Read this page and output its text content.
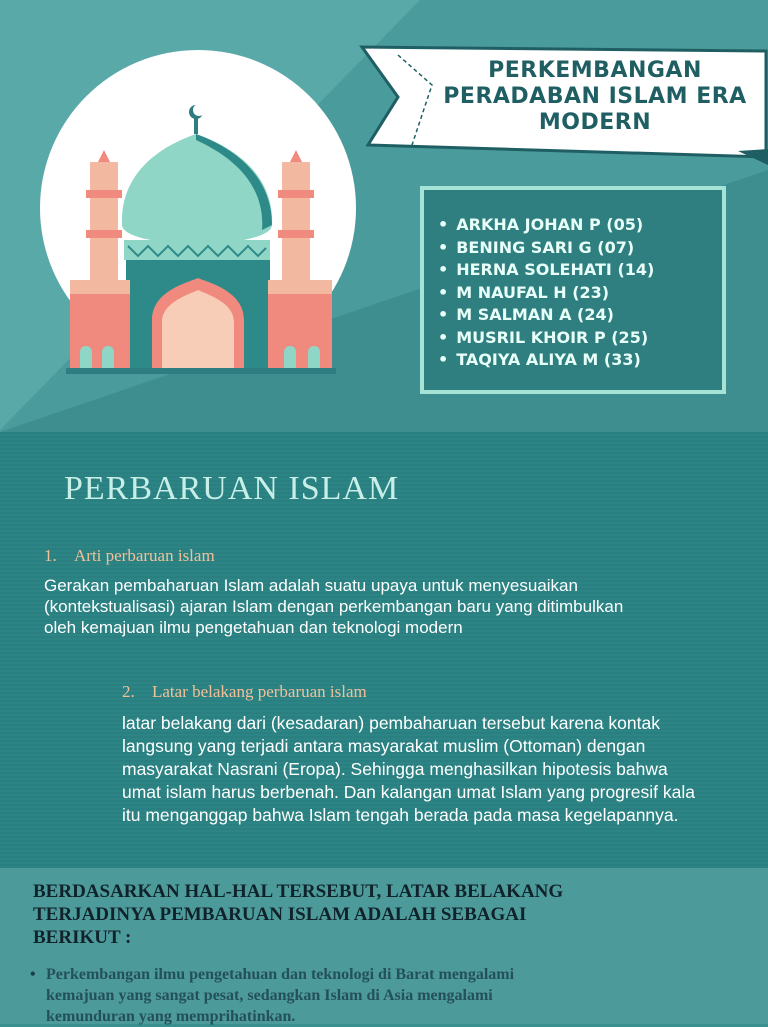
PERKEMBANGAN
PERADABAN ISLAM ERA
MODERN
• ARKHA JOHAN P (05)
• BENING SARI G (07)
• HERNA SOLEHATI (14)
• M NAUFAL H (23)
• M SALMAN A (24)
• MUSRIL KHOIR P (25)
• TAQIYA ALIYA M (33)
PERBARUAN ISLAM
1. Arti perbaruan islam
Gerakan pembaharuan Islam adalah suatu upaya untuk menyesuaikan
(kontekstualisasi) ajaran Islam dengan perkembangan baru yang ditimbulkan
oleh kemajuan ilmu pengetahuan dan teknologi modern
2. Latar belakang perbaruan islam
latar belakang dari (kesadaran) pembaharuan tersebut karena kontak
langsung yang terjadi antara masyarakat muslim (Ottoman) dengan
masyarakat Nasrani (Eropa). Sehingga menghasilkan hipotesis bahwa
umat islam harus berbenah. Dan kalangan umat Islam yang progresif kala
itu menganggap bahwa Islam tengah berada pada masa kegelapannya.
BERDASARKAN HAL-HAL TERSEBUT, LATAR BELAKANG
TERJADINYA PEMBARUAN ISLAM ADALAH SEBAGAI
BERIKUT :
• Perkembangan ilmu pengetahuan dan teknologi di Barat mengalami
kemajuan yang sangat pesat, sedangkan Islam di Asia mengalami
kemunduran yang memprihatinkan.
